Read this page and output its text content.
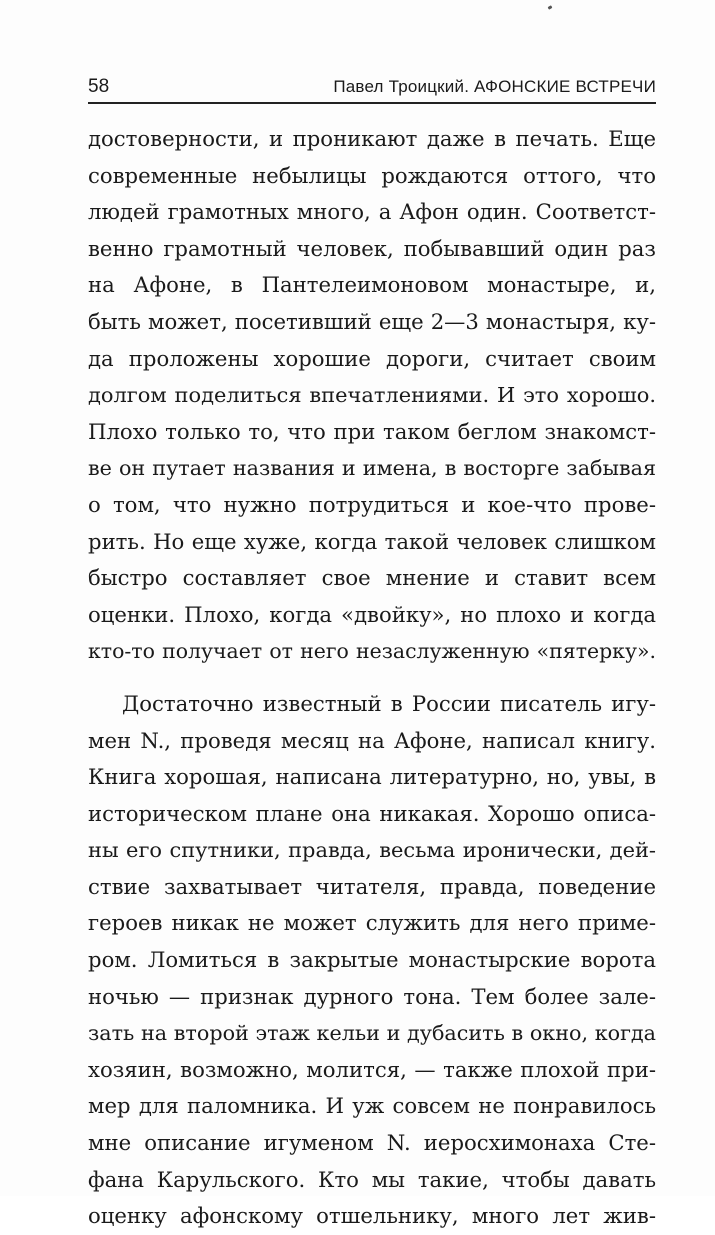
58	Павел Троицкий. АФОНСКИЕ ВСТРЕЧИ
достоверности, и проникают даже в печать. Еще
современные небылицы рождаются оттого, что
людей грамотных много, а Афон один. Соответст-
венно грамотный человек, побывавший один раз
на Афоне, в Пантелеимоновом монастыре, и,
быть может, посетивший еще 2—3 монастыря, ку-
да проложены хорошие дороги, считает своим
долгом поделиться впечатлениями. И это хорошо.
Плохо только то, что при таком беглом знакомст-
ве он путает названия и имена, в восторге забывая
о том, что нужно потрудиться и кое-что прове-
рить. Но еще хуже, когда такой человек слишком
быстро составляет свое мнение и ставит всем
оценки. Плохо, когда «двойку», но плохо и когда
кто-то получает от него незаслуженную «пятерку».
Достаточно известный в России писатель игу-
мен N., проведя месяц на Афоне, написал книгу.
Книга хорошая, написана литературно, но, увы, в
историческом плане она никакая. Хорошо описа-
ны его спутники, правда, весьма иронически, дей-
ствие захватывает читателя, правда, поведение
героев никак не может служить для него приме-
ром. Ломиться в закрытые монастырские ворота
ночью — признак дурного тона. Тем более зале-
зать на второй этаж кельи и дубасить в окно, когда
хозяин, возможно, молится, — также плохой при-
мер для паломника. И уж совсем не понравилось
мне описание игуменом N. иеросхимонаха Сте-
фана Карульского. Кто мы такие, чтобы давать
оценку афонскому отшельнику, много лет жив-
